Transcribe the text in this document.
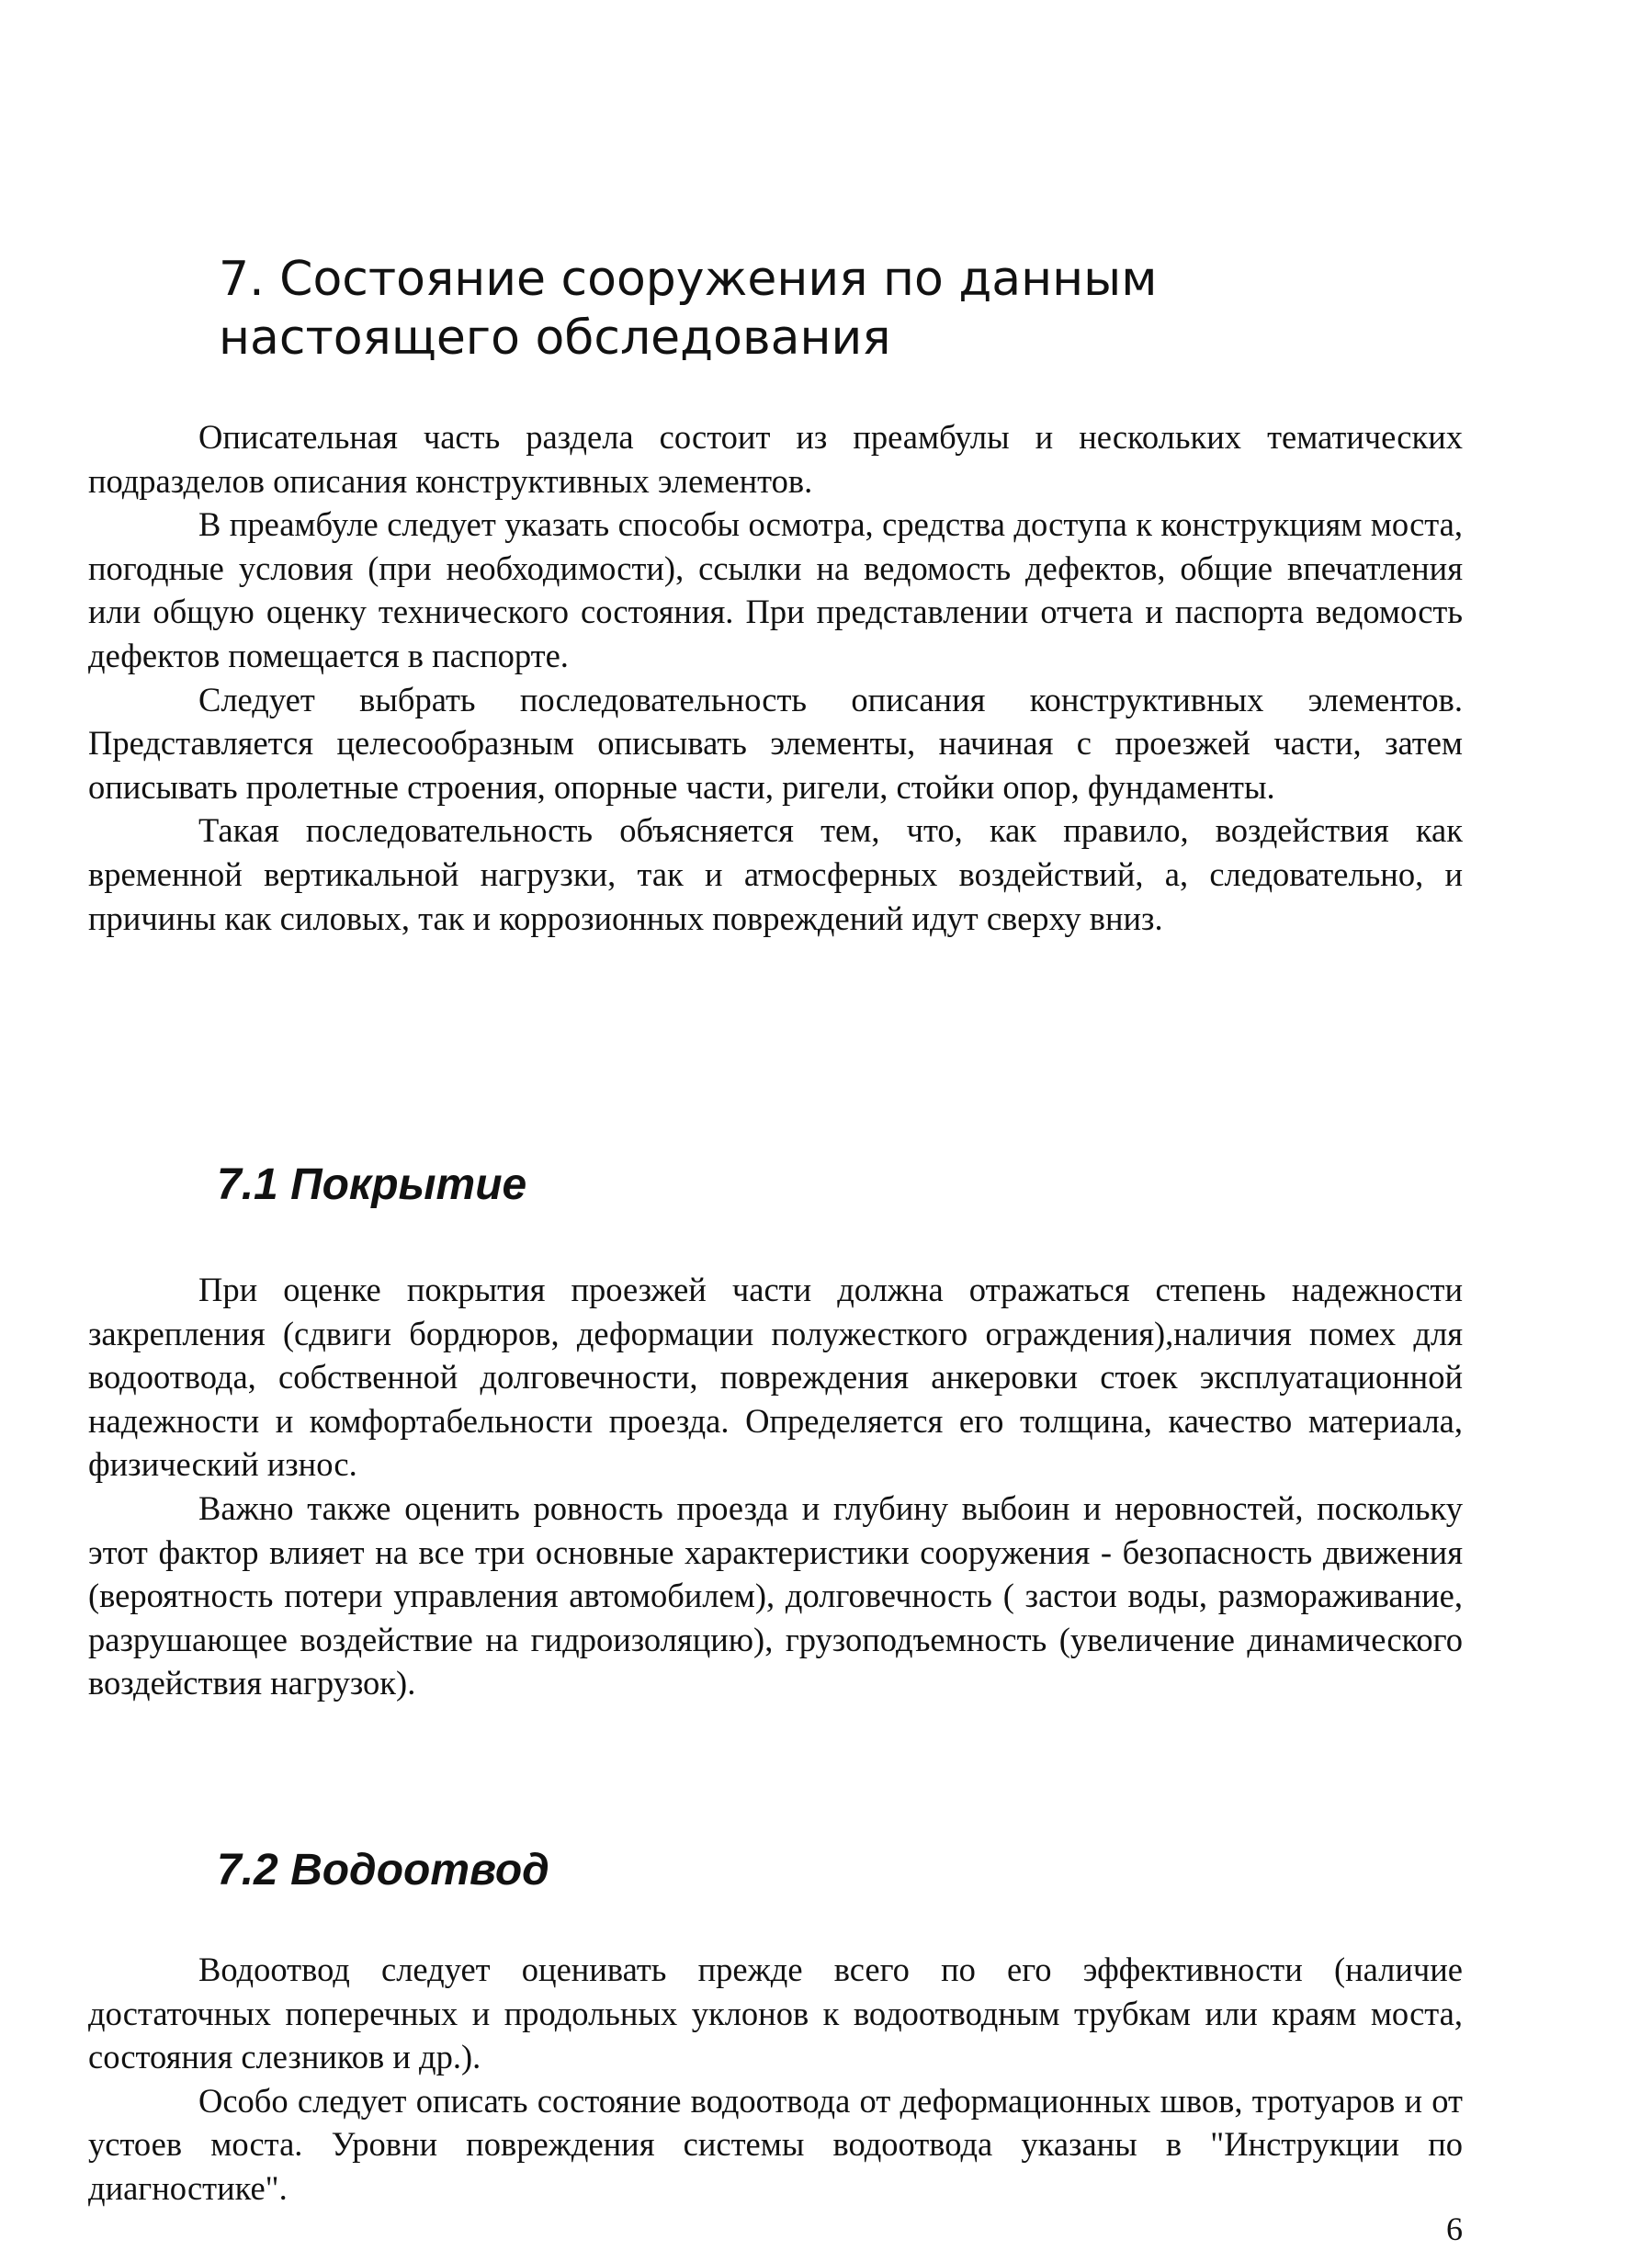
7. Состояние сооружения по данным
настоящего обследования

Описательная часть раздела состоит из преамбулы и нескольких тематических подразделов описания конструктивных элементов.

В преамбуле следует указать способы осмотра, средства доступа к конструкциям моста, погодные условия (при необходимости), ссылки на ведомость дефектов, общие впечатления или общую оценку технического состояния. При представлении отчета и паспорта ведомость дефектов помещается в паспорте.

Следует выбрать последовательность описания конструктивных элементов. Представляется целесообразным описывать элементы, начиная с проезжей части, затем описывать пролетные строения, опорные части, ригели, стойки опор, фундаменты.

Такая последовательность объясняется тем, что, как правило, воздействия как временной вертикальной нагрузки, так и атмосферных воздействий, а, следовательно, и причины как силовых, так и коррозионных повреждений идут сверху вниз.

7.1 Покрытие

При оценке покрытия проезжей части должна отражаться степень надежности закрепления (сдвиги бордюров, деформации полужесткого ограждения),наличия помех для водоотвода, собственной долговечности, повреждения анкеровки стоек эксплуатационной надежности и комфортабельности проезда. Определяется его толщина, качество материала, физический износ.

Важно также оценить ровность проезда и глубину выбоин и неровностей, поскольку этот фактор влияет на все три основные характеристики сооружения - безопасность движения (вероятность потери управления автомобилем), долговечность ( застои воды, размораживание, разрушающее воздействие на гидроизоляцию), грузоподъемность (увеличение динамического воздействия нагрузок).

7.2 Водоотвод

Водоотвод следует оценивать прежде всего по его эффективности (наличие достаточных поперечных и продольных уклонов к водоотводным трубкам или краям моста, состояния слезников и др.).

Особо следует описать состояние водоотвода от деформационных швов, тротуаров и от устоев моста. Уровни повреждения системы водоотвода указаны в "Инструкции по диагностике".

6
